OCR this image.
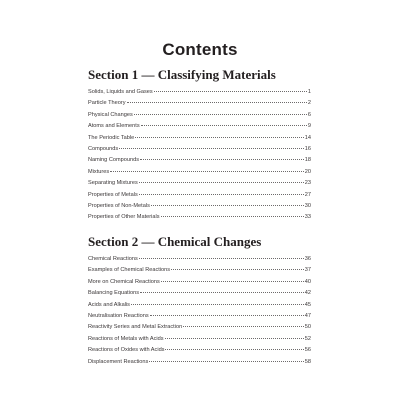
Contents
Section 1 — Classifying Materials
Solids, Liquids and Gases	1
Particle Theory	2
Physical Changes	6
Atoms and Elements	9
The Periodic Table	14
Compounds	16
Naming Compounds	18
Mixtures	20
Separating Mixtures	23
Properties of Metals	27
Properties of Non-Metals	30
Properties of Other Materials	33
Section 2 — Chemical Changes
Chemical Reactions	36
Examples of Chemical Reactions	37
More on Chemical Reactions	40
Balancing Equations	42
Acids and Alkalis	45
Neutralisation Reactions	47
Reactivity Series and Metal Extraction	50
Reactions of Metals with Acids	52
Reactions of Oxides with Acids	56
Displacement Reactions	58
